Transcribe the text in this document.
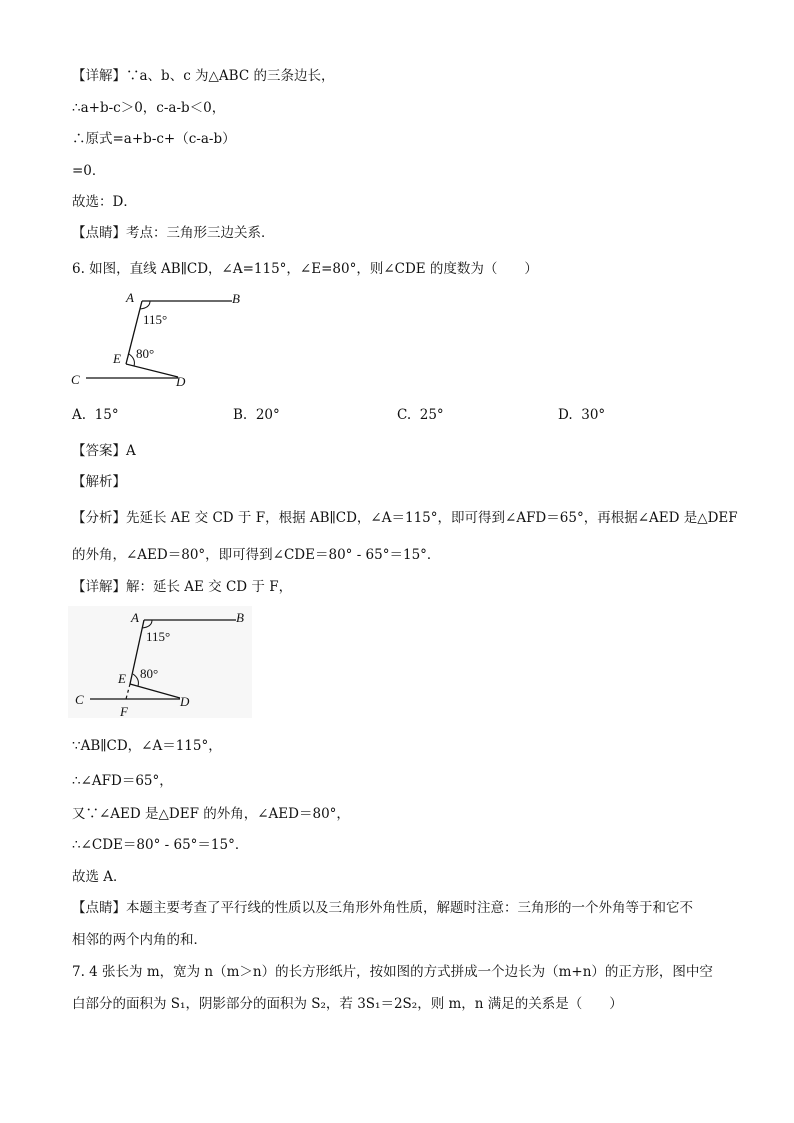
【详解】∵a、b、c 为△ABC 的三条边长，
∴a+b-c＞0，c-a-b＜0，
∴原式=a+b-c+（c-a-b）
=0．
故选：D．
【点睛】考点：三角形三边关系．
6. 如图，直线 AB∥CD，∠A=115°，∠E=80°，则∠CDE 的度数为（　　）
A	B
C	D
E
115°
80°
A. 15°	B. 20°	C. 25°	D. 30°
【答案】A
【解析】
【分析】先延长 AE 交 CD 于 F，根据 AB∥CD，∠A＝115°，即可得到∠AFD＝65°，再根据∠AED 是△DEF
的外角，∠AED＝80°，即可得到∠CDE＝80° - 65°＝15°．
【详解】解：延长 AE 交 CD 于 F，
A	B
C	D
E
F
115°
80°
∵AB∥CD，∠A＝115°，
∴∠AFD＝65°，
又∵∠AED 是△DEF 的外角，∠AED＝80°，
∴∠CDE＝80° - 65°＝15°．
故选 A．
【点睛】本题主要考查了平行线的性质以及三角形外角性质，解题时注意：三角形的一个外角等于和它不
相邻的两个内角的和．
7. 4 张长为 m，宽为 n（m＞n）的长方形纸片，按如图的方式拼成一个边长为（m+n）的正方形，图中空
白部分的面积为 S₁，阴影部分的面积为 S₂，若 3S₁＝2S₂，则 m，n 满足的关系是（　　）
